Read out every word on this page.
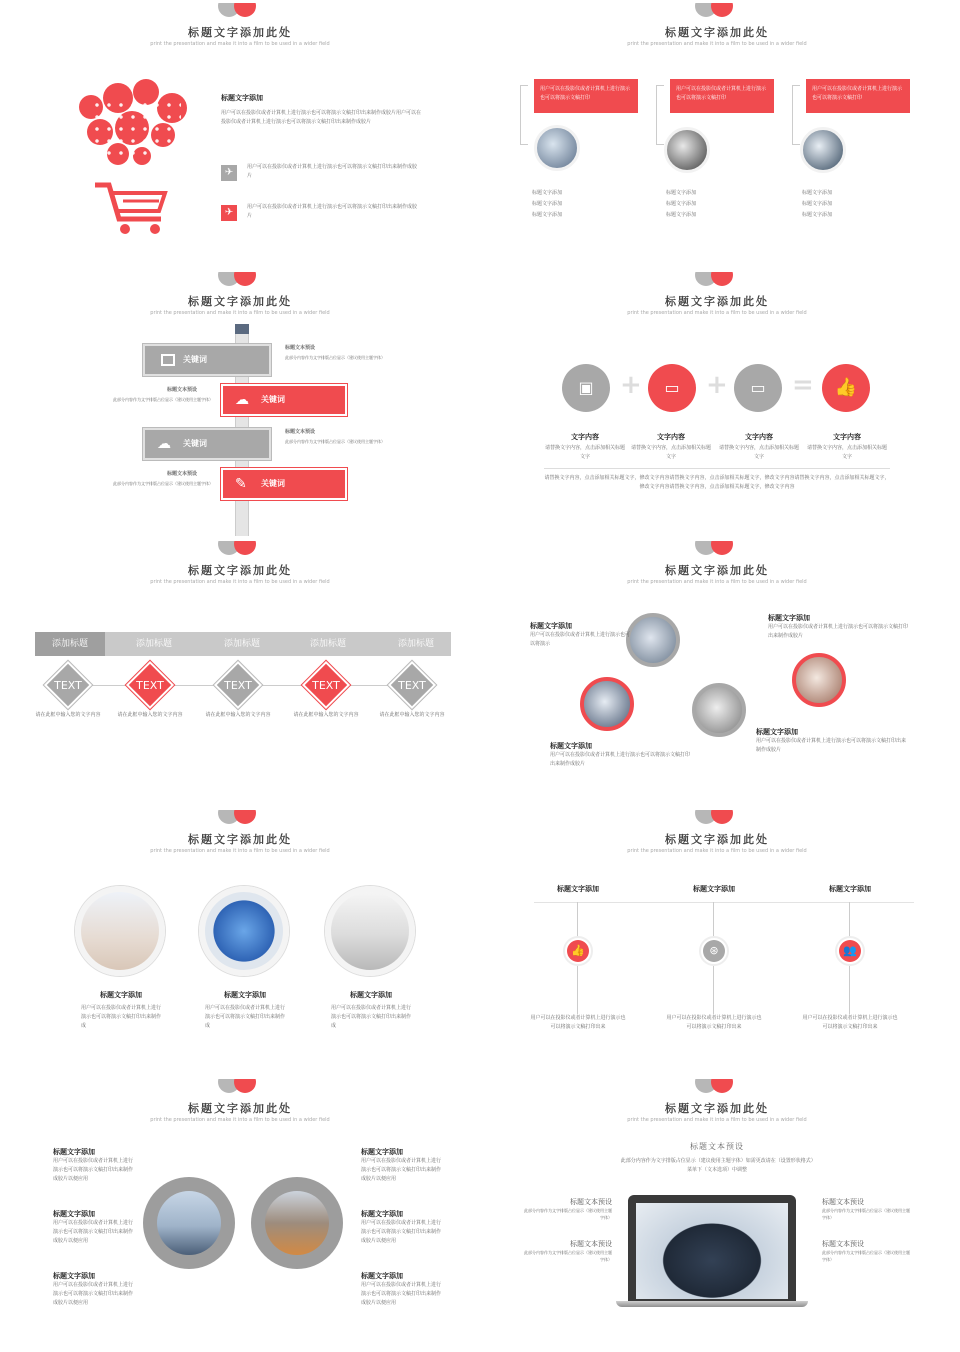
标题文字添加此处
print the presentation and make it into a film to be used in a wider field
标题文字添加
用户可以在投影仪或者计算机上进行演示也可以将演示文稿打印出来制作成胶片用户可以在投影仪或者计算机上进行演示也可以将演示文稿打印出来制作成胶片
✈	用户可以在投影仪或者计算机上进行演示也可以将演示文稿打印出来制作成胶片
✈	用户可以在投影仪或者计算机上进行演示也可以将演示文稿打印出来制作成胶片
标题文字添加此处
print the presentation and make it into a film to be used in a wider field
用户可以在投影仪或者计算机上进行演示也可以将演示文稿打印
标题文字添加
标题文字添加
标题文字添加
用户可以在投影仪或者计算机上进行演示也可以将演示文稿打印
标题文字添加
标题文字添加
标题文字添加
用户可以在投影仪或者计算机上进行演示也可以将演示文稿打印
标题文字添加
标题文字添加
标题文字添加
标题文字添加此处
print the presentation and make it into a film to be used in a wider field
关键词
标题文本预设
此部分内容作为文字排版占位显示（建议使用主题字体）
标题文本预设
此部分内容作为文字排版占位显示（建议使用主题字体） ☁ 关键词
☁ 关键词
标题文本预设
此部分内容作为文字排版占位显示（建议使用主题字体）
标题文本预设
此部分内容作为文字排版占位显示（建议使用主题字体） ✎ 关键词
标题文字添加此处
print the presentation and make it into a film to be used in a wider field
▣	+	▭	+	▭	=	👍
文字内容
请替换文字内容，点击添加相关标题文字
文字内容
请替换文字内容，点击添加相关标题文字
文字内容
请替换文字内容，点击添加相关标题文字
文字内容
请替换文字内容，点击添加相关标题文字
请替换文字内容，点击添加相关标题文字，修改文字内容请替换文字内容，点击添加相关标题文字，修改文字内容请替换文字内容，点击添加相关标题文字，修改文字内容请替换文字内容，点击添加相关标题文字，修改文字内容
标题文字添加此处
print the presentation and make it into a film to be used in a wider field
添加标题	添加标题	添加标题	添加标题	添加标题
TEXT	TEXT	TEXT	TEXT	TEXT
请在此框中输入您的文字内容	请在此框中输入您的文字内容	请在此框中输入您的文字内容	请在此框中输入您的文字内容	请在此框中输入您的文字内容
标题文字添加此处
print the presentation and make it into a film to be used in a wider field
标题文字添加
用户可以在投影仪或者计算机上进行演示也可以将演示
标题文字添加
用户可以在投影仪或者计算机上进行演示也可以将演示文稿打印出来制作成胶片
标题文字添加
用户可以在投影仪或者计算机上进行演示也可以将演示文稿打印出来制作成胶片
标题文字添加
用户可以在投影仪或者计算机上进行演示也可以将演示文稿打印出来制作成胶片
标题文字添加此处
print the presentation and make it into a film to be used in a wider field
标题文字添加
用户可以在投影仪或者计算机上进行演示也可以将演示文稿打印出来制作成
标题文字添加
用户可以在投影仪或者计算机上进行演示也可以将演示文稿打印出来制作成
标题文字添加
用户可以在投影仪或者计算机上进行演示也可以将演示文稿打印出来制作成
标题文字添加此处
print the presentation and make it into a film to be used in a wider field
标题文字添加
👍
用户可以在投影仪或者计算机上进行演示也可以将演示文稿打印出来
标题文字添加
⊛
用户可以在投影仪或者计算机上进行演示也可以将演示文稿打印出来
标题文字添加
👥
用户可以在投影仪或者计算机上进行演示也可以将演示文稿打印出来
标题文字添加此处
print the presentation and make it into a film to be used in a wider field
标题文字添加
用户可以在投影仪或者计算机上进行演示也可以将演示文稿打印出来制作成胶片以便应用
标题文字添加
用户可以在投影仪或者计算机上进行演示也可以将演示文稿打印出来制作成胶片以便应用
标题文字添加
用户可以在投影仪或者计算机上进行演示也可以将演示文稿打印出来制作成胶片以便应用
标题文字添加
用户可以在投影仪或者计算机上进行演示也可以将演示文稿打印出来制作成胶片以便应用
标题文字添加
用户可以在投影仪或者计算机上进行演示也可以将演示文稿打印出来制作成胶片以便应用
标题文字添加
用户可以在投影仪或者计算机上进行演示也可以将演示文稿打印出来制作成胶片以便应用
标题文字添加此处
print the presentation and make it into a film to be used in a wider field
标题文本预设
此部分内容作为文字排版占位显示（建议使用主题字体）如需更改请在（设置形状格式）菜单下（文本选项）中调整
标题文本预设
此部分内容作为文字排版占位显示（建议使用主题字体）
标题文本预设
此部分内容作为文字排版占位显示（建议使用主题字体）
标题文本预设
此部分内容作为文字排版占位显示（建议使用主题字体）
标题文本预设
此部分内容作为文字排版占位显示（建议使用主题字体）
